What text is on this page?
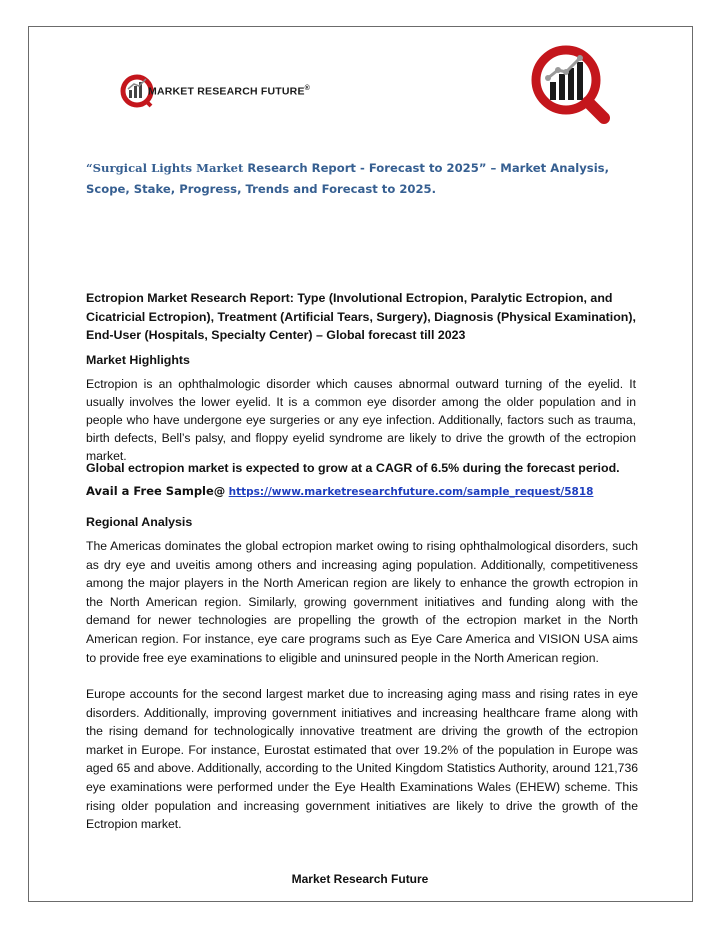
MARKET RESEARCH FUTURE®
“Surgical Lights Market Research Report - Forecast to 2025” – Market Analysis, Scope, Stake, Progress, Trends and Forecast to 2025.
Ectropion Market Research Report: Type (Involutional Ectropion, Paralytic Ectropion, and Cicatricial Ectropion), Treatment (Artificial Tears, Surgery), Diagnosis (Physical Examination), End-User (Hospitals, Specialty Center) – Global forecast till 2023
Market Highlights
Ectropion is an ophthalmologic disorder which causes abnormal outward turning of the eyelid. It usually involves the lower eyelid. It is a common eye disorder among the older population and in people who have undergone eye surgeries or any eye infection. Additionally, factors such as trauma, birth defects, Bell’s palsy, and floppy eyelid syndrome are likely to drive the growth of the ectropion market.
Global ectropion market is expected to grow at a CAGR of 6.5% during the forecast period.
Avail a Free Sample@ https://www.marketresearchfuture.com/sample_request/5818
Regional Analysis
The Americas dominates the global ectropion market owing to rising ophthalmological disorders, such as dry eye and uveitis among others and increasing aging population. Additionally, competitiveness among the major players in the North American region are likely to enhance the growth ectropion in the North American region. Similarly, growing government initiatives and funding along with the demand for newer technologies are propelling the growth of the ectropion market in the North American region. For instance, eye care programs such as Eye Care America and VISION USA aims to provide free eye examinations to eligible and uninsured people in the North American region.
Europe accounts for the second largest market due to increasing aging mass and rising rates in eye disorders. Additionally, improving government initiatives and increasing healthcare frame along with the rising demand for technologically innovative treatment are driving the growth of the ectropion market in Europe. For instance, Eurostat estimated that over 19.2% of the population in Europe was aged 65 and above. Additionally, according to the United Kingdom Statistics Authority, around 121,736 eye examinations were performed under the Eye Health Examinations Wales (EHEW) scheme. This rising older population and increasing government initiatives are likely to drive the growth of the Ectropion market.
Market Research Future
